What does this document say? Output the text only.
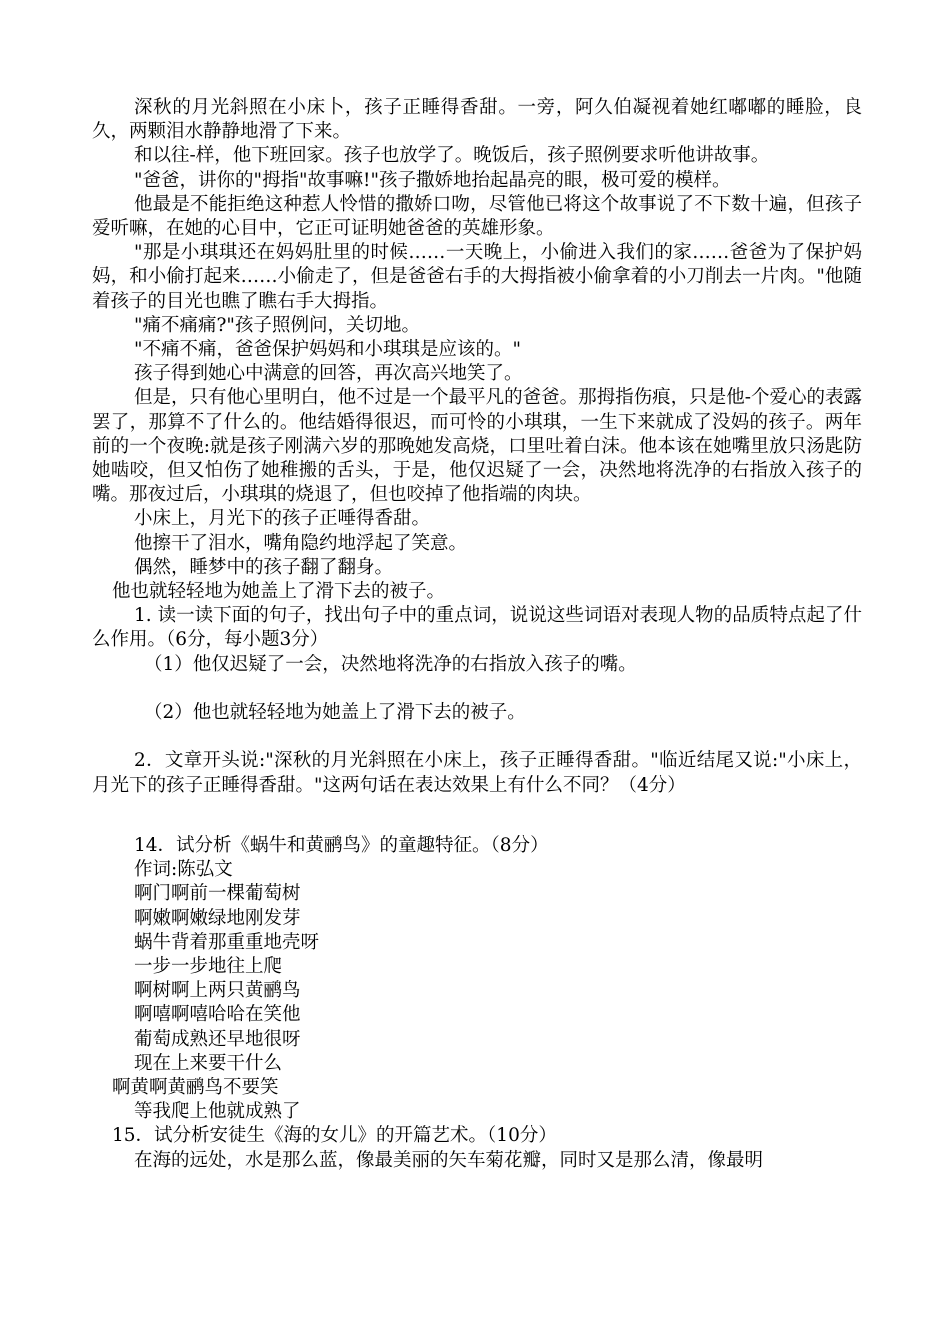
深秋的月光斜照在小床卜，孩子正睡得香甜。一旁，阿久伯凝视着她红嘟嘟的睡脸，良久，两颗泪水静静地滑了下来。

和以往-样，他下班回家。孩子也放学了。晚饭后，孩子照例要求听他讲故事。

"爸爸，讲你的"拇指"故事嘛!"孩子撒娇地抬起晶亮的眼，极可爱的模样。

他最是不能拒绝这种惹人怜惜的撒娇口吻，尽管他已将这个故事说了不下数十遍，但孩子爱听嘛，在她的心目中，它正可证明她爸爸的英雄形象。

"那是小琪琪还在妈妈肚里的时候……一天晚上，小偷进入我们的家……爸爸为了保护妈妈，和小偷打起来……小偷走了，但是爸爸右手的大拇指被小偷拿着的小刀削去一片肉。"他随着孩子的目光也瞧了瞧右手大拇指。

"痛不痛痛?"孩子照例问，关切地。

"不痛不痛，爸爸保护妈妈和小琪琪是应该的。"

孩子得到她心中满意的回答，再次高兴地笑了。

但是，只有他心里明白，他不过是一个最平凡的爸爸。那拇指伤痕，只是他-个爱心的表露罢了，那算不了什么的。他结婚得很迟，而可怜的小琪琪，一生下来就成了没妈的孩子。两年前的一个夜晚:就是孩子刚满六岁的那晚她发高烧，口里吐着白沫。他本该在她嘴里放只汤匙防她啮咬，但又怕伤了她稚搬的舌头，于是，他仅迟疑了一会，决然地将洗净的右指放入孩子的嘴。那夜过后，小琪琪的烧退了，但也咬掉了他指端的肉块。

小床上，月光下的孩子正唾得香甜。

他擦干了泪水，嘴角隐约地浮起了笑意。

偶然，睡梦中的孩子翻了翻身。

他也就轻轻地为她盖上了滑下去的被子。

1. 读一读下面的句子，找出句子中的重点词，说说这些词语对表现人物的品质特点起了什么作用。（6分，每小题3分）

（1）他仅迟疑了一会，决然地将洗净的右指放入孩子的嘴。

（2）他也就轻轻地为她盖上了滑下去的被子。

2．文章开头说:"深秋的月光斜照在小床上，孩子正睡得香甜。"临近结尾又说:"小床上，月光下的孩子正睡得香甜。"这两句话在表达效果上有什么不同？（4分）

14．试分析《蜗牛和黄鹂鸟》的童趣特征。（8分）

作词:陈弘文

啊门啊前一棵葡萄树

啊嫩啊嫩绿地刚发芽

蜗牛背着那重重地壳呀

一步一步地往上爬

啊树啊上两只黄鹂鸟

啊嘻啊嘻哈哈在笑他

葡萄成熟还早地很呀

现在上来要干什么

啊黄啊黄鹂鸟不要笑

等我爬上他就成熟了

15．试分析安徒生《海的女儿》的开篇艺术。（10分）

在海的远处，水是那么蓝，像最美丽的矢车菊花瓣，同时又是那么清，像最明
